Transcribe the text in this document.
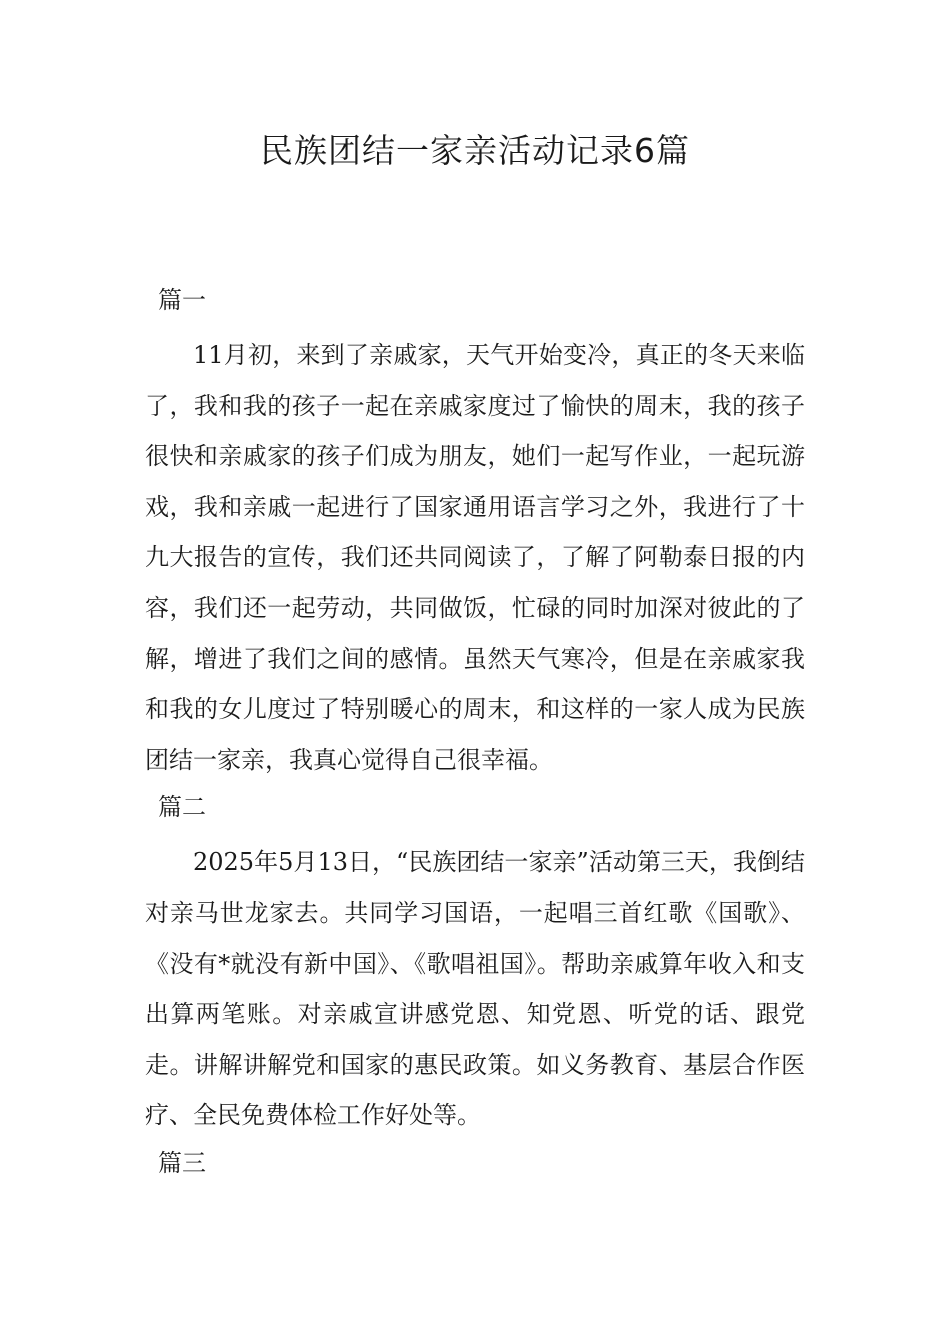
民族团结一家亲活动记录6篇
篇一

11月初，来到了亲戚家，天气开始变冷，真正的冬天来临了，我和我的孩子一起在亲戚家度过了愉快的周末，我的孩子很快和亲戚家的孩子们成为朋友，她们一起写作业，一起玩游戏，我和亲戚一起进行了国家通用语言学习之外，我进行了十九大报告的宣传，我们还共同阅读了，了解了阿勒泰日报的内容，我们还一起劳动，共同做饭，忙碌的同时加深对彼此的了解，增进了我们之间的感情。虽然天气寒冷，但是在亲戚家我和我的女儿度过了特别暖心的周末，和这样的一家人成为民族团结一家亲，我真心觉得自己很幸福。

篇二

2025年5月13日，“民族团结一家亲”活动第三天，我倒结对亲马世龙家去。共同学习国语，一起唱三首红歌《国歌》、《没有*就没有新中国》、《歌唱祖国》。帮助亲戚算年收入和支出算两笔账。对亲戚宣讲感党恩、知党恩、听党的话、跟党走。讲解讲解党和国家的惠民政策。如义务教育、基层合作医疗、全民免费体检工作好处等。

篇三
